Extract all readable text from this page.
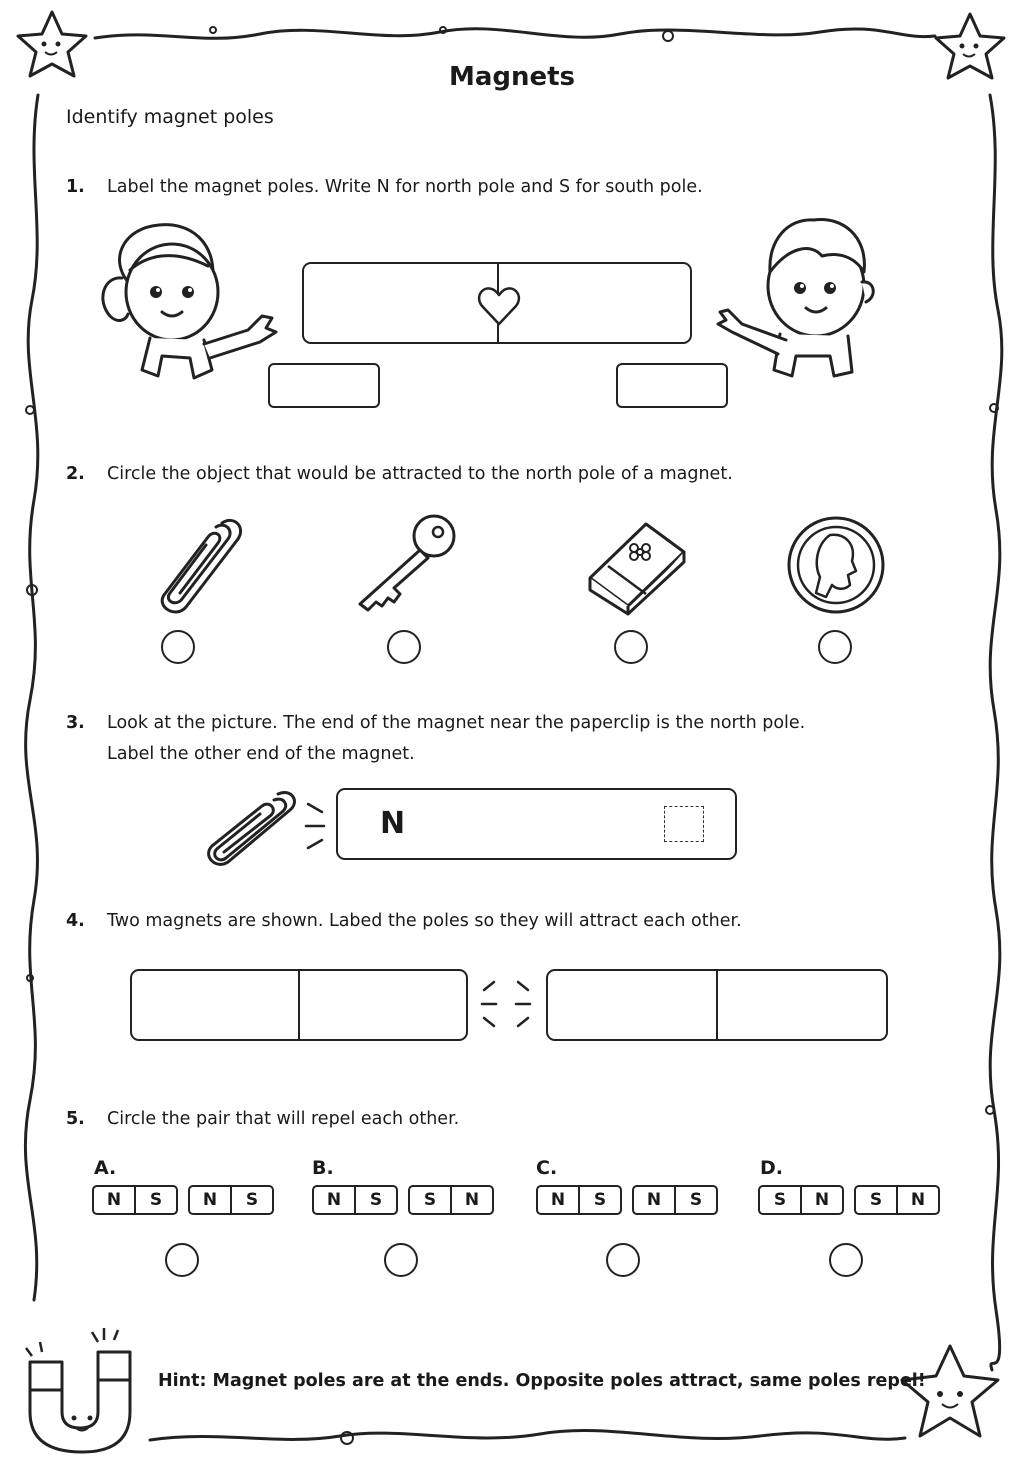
Magnets
Identify magnet poles
1. Label the magnet poles. Write N for north pole and S for south pole.
2. Circle the object that would be attracted to the north pole of a magnet.
3. Look at the picture. The end of the magnet near the paperclip is the north pole.
Label the other end of the magnet.
N
4. Two magnets are shown. Labed the poles so they will attract each other.
5. Circle the pair that will repel each other.
A.
N	S	N	S
B.
N	S	S	N
C.
N	S	N	S
D.
S	N	S	N
Hint: Magnet poles are at the ends. Opposite poles attract, same poles repel!
